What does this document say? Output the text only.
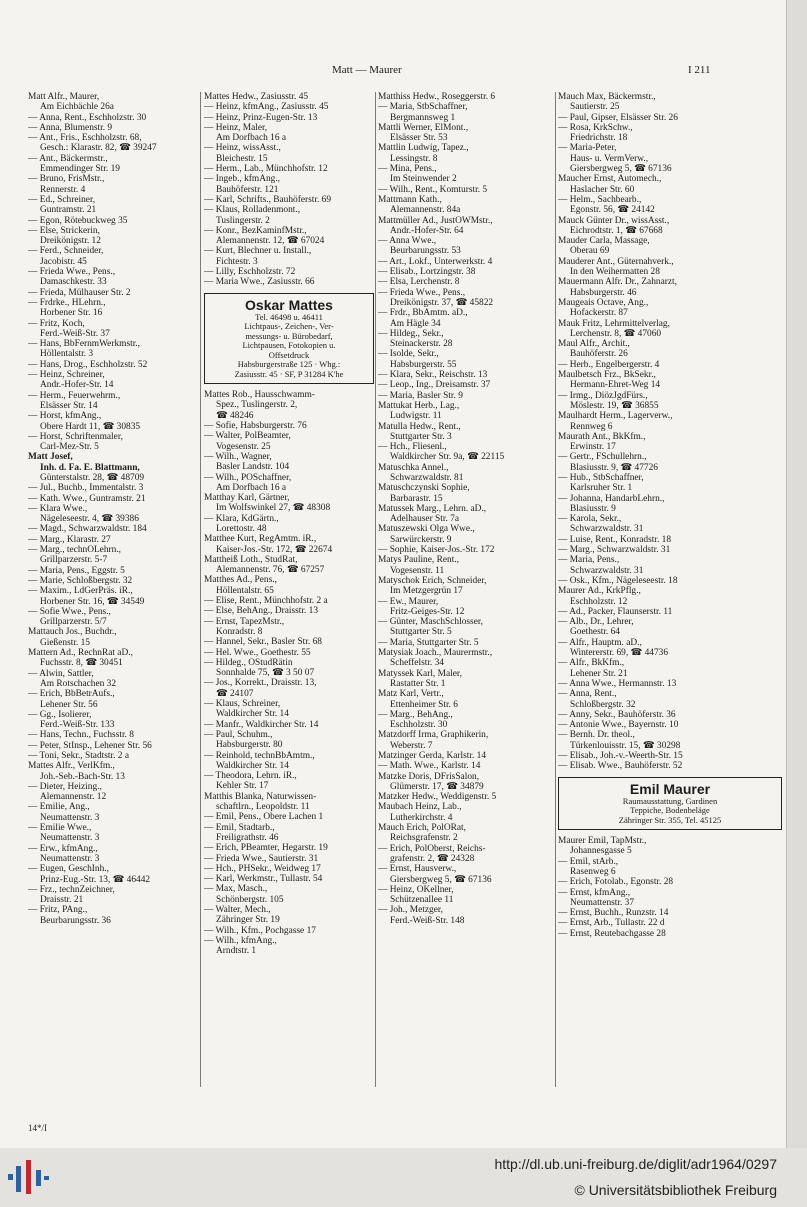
Matt — Maurer	I 211

Matt Alfr., Maurer,

Am Eichbächle 26a

— Anna, Rent., Eschholzstr. 30

— Anna, Blumenstr. 9

— Ant., Fris., Eschholzstr. 68,

Gesch.: Klarastr. 82, ☎ 39247

— Ant., Bäckermstr.,

Emmendinger Str. 19

— Bruno, FrisMstr.,

Rennerstr. 4

— Ed., Schreiner,

Guntramstr. 21

— Egon, Rötebuckweg 35

— Else, Strickerin,

Dreikönigstr. 12

— Ferd., Schneider,

Jacobistr. 45

— Frieda Wwe., Pens.,

Damaschkestr. 33

— Frieda, Mülhauser Str. 2

— Frdrke., HLehrn.,

Horbener Str. 16

— Fritz, Koch,

Ferd.-Weiß-Str. 37

— Hans, BbFernmWerkmstr.,

Höllentalstr. 3

— Hans, Drog., Eschholzstr. 52

— Heinz, Schreiner,

Andr.-Hofer-Str. 14

— Herm., Feuerwehrm.,

Elsässer Str. 14

— Horst, kfmAng.,

Obere Hardt 11, ☎ 30835

— Horst, Schriftenmaler,

Carl-Mez-Str. 5

Matt Josef,

Inh. d. Fa. E. Blattmann,

Günterstalstr. 28, ☎ 48709

— Jul., Buchb., Immentalstr. 3

— Kath. Wwe., Guntramstr. 21

— Klara Wwe.,

Nägeleseestr. 4, ☎ 39386

— Magd., Schwarzwaldstr. 184

— Marg., Klarastr. 27

— Marg., technOLehrn.,

Grillparzerstr. 5-7

— Maria, Pens., Eggstr. 5

— Marie, Schloßbergstr. 32

— Maxim., LdGerPräs. iR.,

Horbener Str. 16, ☎ 34549

— Sofie Wwe., Pens.,

Grillparzerstr. 5/7

Mattauch Jos., Buchdr.,

Gießenstr. 15

Mattern Ad., RechnRat aD.,

Fuchsstr. 8, ☎ 30451

— Alwin, Sattler,

Am Rotschachen 32

— Erich, BbBetrAufs.,

Lehener Str. 56

— Gg., Isolierer,

Ferd.-Weiß-Str. 133

— Hans, Techn., Fuchsstr. 8

— Peter, StInsp., Lehener Str. 56

— Toni, Sekr., Stadtstr. 2 a

Mattes Alfr., VerlKfm.,

Joh.-Seb.-Bach-Str. 13

— Dieter, Heizing.,

Alemannenstr. 12

— Emilie, Ang.,

Neumattenstr. 3

— Emilie Wwe.,

Neumattenstr. 3

— Erw., kfmAng.,

Neumattenstr. 3

— Eugen, GeschInh.,

Prinz-Eug.-Str. 13, ☎ 46442

— Frz., technZeichner,

Draisstr. 21

— Fritz, PAng.,

Beurbarungsstr. 36

Mattes Hedw., Zasiusstr. 45

— Heinz, kfmAng., Zasiusstr. 45

— Heinz, Prinz-Eugen-Str. 13

— Heinz, Maler,

Am Dorfbach 16 a

— Heinz, wissAsst.,

Bleichestr. 15

— Herm., Lab., Münchhofstr. 12

— Ingeb., kfmAng.,

Bauhöferstr. 121

— Karl, Schrifts., Bauhöferstr. 69

— Klaus, Rolladenmont.,

Tuslingerstr. 2

— Konr., BezKaminfMstr.,

Alemannenstr. 12, ☎ 67024

— Kurt, Blechner u. Install.,

Fichtestr. 3

— Lilly, Eschholzstr. 72

— Maria Wwe., Zasiusstr. 66

Oskar Mattes
Tel. 46498 u. 46411
Lichtpaus-, Zeichen-, Ver-
messungs- u. Bürobedarf,
Lichtpausen, Fotokopien u.
Offsetdruck
Habsburgerstraße 125 · Whg.:
Zasiusstr. 45 · SF, P 31284 K'he

Mattes Rob., Hausschwamm-

Spez., Tuslingerstr. 2,

☎ 48246

— Sofie, Habsburgerstr. 76

— Walter, PolBeamter,

Vogesenstr. 25

— Wilh., Wagner,

Basler Landstr. 104

— Wilh., POSchaffner,

Am Dorfbach 16 a

Matthay Karl, Gärtner,

Im Wolfswinkel 27, ☎ 48308

— Klara, KdGärtn.,

Lorettostr. 48

Matthee Kurt, RegAmtm. iR.,

Kaiser-Jos.-Str. 172, ☎ 22674

Mattheiß Loth., StudRat,

Alemannenstr. 76, ☎ 67257

Matthes Ad., Pens.,

Höllentalstr. 65

— Elise, Rent., Münchhofstr. 2 a

— Else, BehAng., Draisstr. 13

— Ernst, TapezMstr.,

Konradstr. 8

— Hannel, Sekr., Basler Str. 68

— Hel. Wwe., Goethestr. 55

— Hildeg., OStudRätin

Sonnhalde 75, ☎ 3 50 07

— Jos., Korrekt., Draisstr. 13,

☎ 24107

— Klaus, Schreiner,

Waldkircher Str. 14

— Manfr., Waldkircher Str. 14

— Paul, Schuhm.,

Habsburgerstr. 80

— Reinhold, technBbAmtm.,

Waldkircher Str. 14

— Theodora, Lehrn. iR.,

Kehler Str. 17

Matthis Blanka, Naturwissen-

schaftlrn., Leopoldstr. 11

— Emil, Pens., Obere Lachen 1

— Emil, Stadtarb.,

Freiligrathstr. 46

— Erich, PBeamter, Hegarstr. 19

— Frieda Wwe., Sautierstr. 31

— Hch., PHSekr., Weidweg 17

— Karl, Werkmstr., Tullastr. 54

— Max, Masch.,

Schönbergstr. 105

— Walter, Mech.,

Zähringer Str. 19

— Wilh., Kfm., Pochgasse 17

— Wilh., kfmAng.,

Arndtstr. 1

Matthiss Hedw., Roseggerstr. 6

— Maria, StbSchaffner,

Bergmannsweg 1

Mattli Werner, ElMont.,

Elsässer Str. 53

Mattlin Ludwig, Tapez.,

Lessingstr. 8

— Mina, Pens.,

Im Steinwender 2

— Wilh., Rent., Komturstr. 5

Mattmann Kath.,

Alemannenstr. 84a

Mattmüller Ad., JustOWMstr.,

Andr.-Hofer-Str. 64

— Anna Wwe.,

Beurbarungsstr. 53

— Art., Lokf., Unterwerkstr. 4

— Elisab., Lortzingstr. 38

— Elsa, Lerchenstr. 8

— Frieda Wwe., Pens.,

Dreikönigstr. 37, ☎ 45822

— Frdr., BbAmtm. aD.,

Am Hägle 34

— Hildeg., Sekr.,

Steinackerstr. 28

— Isolde, Sekr.,

Habsburgerstr. 55

— Klara, Sekr., Reischstr. 13

— Leop., Ing., Dreisamstr. 37

— Maria, Basler Str. 9

Mattukat Herb., Lag.,

Ludwigstr. 11

Matulla Hedw., Rent.,

Stuttgarter Str. 3

— Hch., Fliesenl.,

Waldkircher Str. 9a, ☎ 22115

Matuschka Annel.,

Schwarzwaldstr. 81

Matuschczynski Sophie,

Barbarastr. 15

Matussek Marg., Lehrn. aD.,

Adelhauser Str. 7a

Matuszewski Olga Wwe.,

Sarwürckerstr. 9

— Sophie, Kaiser-Jos.-Str. 172

Matys Pauline, Rent.,

Vogesenstr. 11

Matyschok Erich, Schneider,

Im Metzgergrün 17

— Ew., Maurer,

Fritz-Geiges-Str. 12

— Günter, MaschSchlosser,

Stuttgarter Str. 5

— Maria, Stuttgarter Str. 5

Matysiak Joach., Maurermstr.,

Scheffelstr. 34

Matyssek Karl, Maler,

Rastatter Str. 1

Matz Karl, Vertr.,

Ettenheimer Str. 6

— Marg., BehAng.,

Eschholzstr. 30

Matzdorff Irma, Graphikerin,

Weberstr. 7

Matzinger Gerda, Karlstr. 14

— Math. Wwe., Karlstr. 14

Matzke Doris, DFrisSalon,

Glümerstr. 17, ☎ 34879

Matzker Hedw., Weddigenstr. 5

Maubach Heinz, Lab.,

Lutherkirchstr. 4

Mauch Erich, PolORat,

Reichsgrafenstr. 2

— Erich, PolOberst, Reichs-

grafenstr. 2, ☎ 24328

— Ernst, Hausverw.,

Giersbergweg 5, ☎ 67136

— Heinz, OKellner,

Schützenallee 11

— Joh., Metzger,

Ferd.-Weiß-Str. 148

Mauch Max, Bäckermstr.,

Sautierstr. 25

— Paul, Gipser, Elsässer Str. 26

— Rosa, KrkSchw.,

Friedrichstr. 18

— Maria-Peter,

Haus- u. VermVerw.,

Giersbergweg 5, ☎ 67136

Maucher Ernst, Automech.,

Haslacher Str. 60

— Helm., Sachbearb.,

Egonstr. 56, ☎ 24142

Mauck Günter Dr., wissAsst.,

Eichrodtstr. 1, ☎ 67668

Mauder Carla, Massage,

Oberau 69

Mauderer Ant., Güternahverk.,

In den Weihermatten 28

Mauermann Alfr. Dr., Zahnarzt,

Habsburgerstr. 46

Maugeais Octave, Ang.,

Hofackerstr. 87

Mauk Fritz, Lehrmittelverlag,

Lerchenstr. 8, ☎ 47060

Maul Alfr., Archit.,

Bauhöferstr. 26

— Herb., Engelbergerstr. 4

Maulbetsch Frz., BkSekr.,

Hermann-Ehret-Weg 14

— Irmg., DiözJgdFürs.,

Möslestr. 19, ☎ 36855

Maulhardt Herm., Lagerverw.,

Rennweg 6

Maurath Ant., BkKfm.,

Erwinstr. 17

— Gertr., FSchullehrn.,

Blasiusstr. 9, ☎ 47726

— Hub., StbSchaffner,

Karlsruher Str. 1

— Johanna, HandarbLehrn.,

Blasiusstr. 9

— Karola, Sekr.,

Schwarzwaldstr. 31

— Luise, Rent., Konradstr. 18

— Marg., Schwarzwaldstr. 31

— Maria, Pens.,

Schwarzwaldstr. 31

— Osk., Kfm., Nägeleseestr. 18

Maurer Ad., KrkPflg.,

Eschholzstr. 12

— Ad., Packer, Flaunserstr. 11

— Alb., Dr., Lehrer,

Goethestr. 64

— Alfr., Hauptm. aD.,

Wintererstr. 69, ☎ 44736

— Alfr., BkKfm.,

Lehener Str. 21

— Anna Wwe., Hermannstr. 13

— Anna, Rent.,

Schloßbergstr. 32

— Anny, Sekr., Bauhöferstr. 36

— Antonie Wwe., Bayernstr. 10

— Bernh. Dr. theol.,

Türkenlouisstr. 15, ☎ 30298

— Elisab., Joh.-v.-Weerth-Str. 15

— Elisab. Wwe., Bauhöferstr. 52

Emil Maurer
Raumausstattung, Gardinen
Teppiche, Bodenbeläge
Zähringer Str. 355, Tel. 45125

Maurer Emil, TapMstr.,

Johannesgasse 5

— Emil, stArb.,

Rasenweg 6

— Erich, Fotolab., Egonstr. 28

— Ernst, kfmAng.,

Neumattenstr. 37

— Ernst, Buchh., Runzstr. 14

— Ernst, Arb., Tullastr. 22 d

— Ernst, Reutebachgasse 28

14*/I
http://dl.ub.uni-freiburg.de/diglit/adr1964/0297
© Universitätsbibliothek Freiburg
